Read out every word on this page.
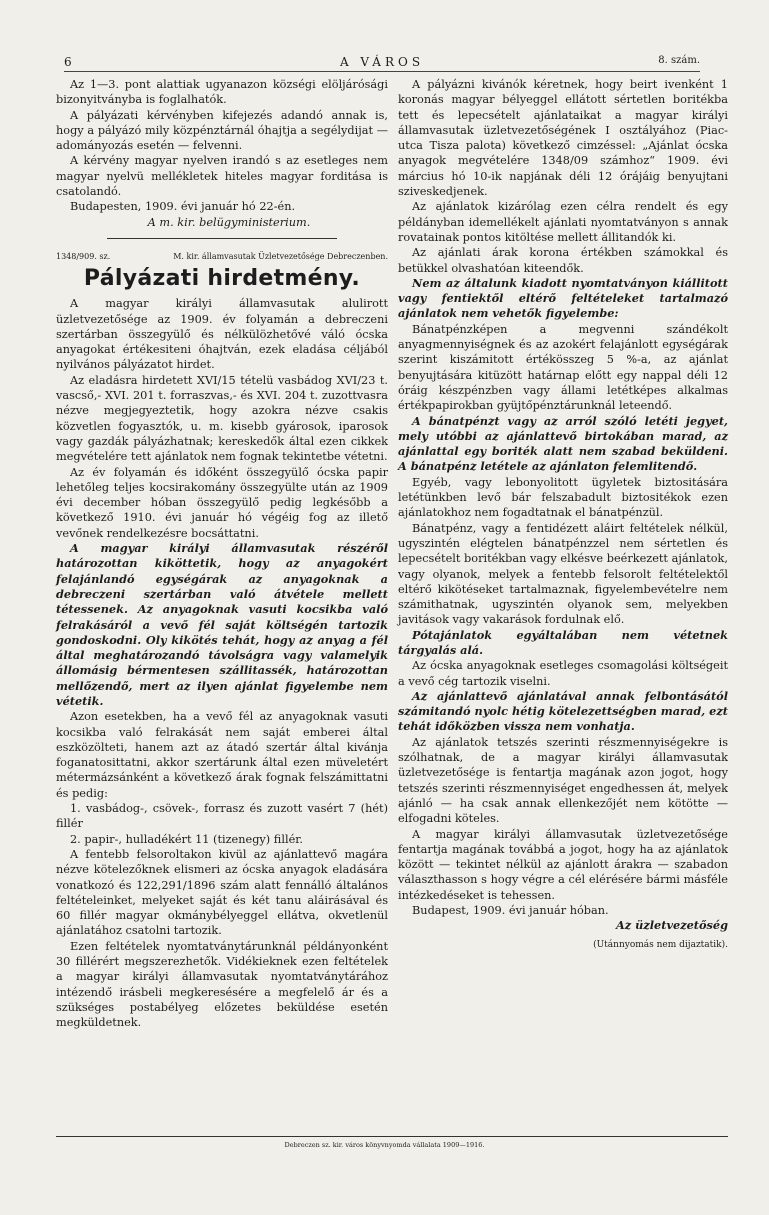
6	A VÁROS	8. szám.

Az 1—3. pont alattiak ugyanazon községi elöljárósági bizonyitványba is foglalhatók.

A pályázati kérvényben kifejezés adandó annak is, hogy a pályázó mily közpénztárnál óhajtja a segélydijat — adományozás esetén — felvenni.

A kérvény magyar nyelven irandó s az esetleges nem magyar nyelvü mellékletek hiteles magyar forditása is csatolandó.

Budapesten, 1909. évi január hó 22-én.

A m. kir. belügyministerium.

1348/909. sz.	M. kir. államvasutak Üzletvezetősége Debreczenben.
Pályázati hirdetmény.

A magyar királyi államvasutak alulirott üzletvezetősége az 1909. év folyamán a debreczeni szertárban összegyülő és nélkülözhetővé váló ócska anyagokat értékesiteni óhajtván, ezek eladása céljából nyilvános pályázatot hirdet.

Az eladásra hirdetett XVI/15 tételü vasbádog XVI/23 t. vascső,- XVI. 201 t. forraszvas,- és XVI. 204 t. zuzottvasra nézve megjegyeztetik, hogy azokra nézve csakis közvetlen fogyasztók, u. m. kisebb gyárosok, iparosok vagy gazdák pályázhatnak; kereskedők által ezen cikkek megvételére tett ajánlatok nem fognak tekintetbe vétetni.

Az év folyamán és időként összegyülő ócska papir lehetőleg teljes kocsirakomány összegyülte után az 1909 évi december hóban összegyülő pedig legkésőbb a következő 1910. évi január hó végéig fog az illető vevőnek rendelkezésre bocsáttatni.

A magyar királyi államvasutak részéről határozottan kiköttetik, hogy az anyagokért felajánlandó egységárak az anyagoknak a debreczeni szertárban való átvétele mellett tétessenek. Az anyagoknak vasuti kocsikba való felrakásáról a vevő fél saját költségén tartozik gondoskodni. Oly kikötés tehát, hogy az anyag a fél által meghatározandó távolságra vagy valamelyik állomásig bérmentesen szállitassék, határozottan mellőzendő, mert az ilyen ajánlat figyelembe nem vétetik.

Azon esetekben, ha a vevő fél az anyagoknak vasuti kocsikba való felrakását nem saját emberei által eszközölteti, hanem azt az átadó szertár által kivánja foganatosittatni, akkor szertárunk által ezen müveletért métermázsánként a következő árak fognak felszámittatni és pedig:

1. vasbádog-, csövek-, forrasz és zuzott vasért 7 (hét) fillér

2. papir-, hulladékért 11 (tizenegy) fillér.

A fentebb felsoroltakon kivül az ajánlattevő magára nézve kötelezőknek elismeri az ócska anyagok eladására vonatkozó és 122,291/1896 szám alatt fennálló általános feltételeinket, melyeket saját és két tanu aláirásával és 60 fillér magyar okmánybélyeggel ellátva, okvetlenül ajánlatához csatolni tartozik.

Ezen feltételek nyomtatványtárunknál példányonként 30 fillérért megszerezhetők. Vidékieknek ezen feltételek a magyar királyi államvasutak nyomtatványtárához intézendő irásbeli megkeresésére a megfelelő ár és a szükséges postabélyeg előzetes beküldése esetén megküldetnek.

A pályázni kivánók kéretnek, hogy beirt ivenként 1 koronás magyar bélyeggel ellátott sértetlen boritékba tett és lepecsételt ajánlataikat a magyar királyi államvasutak üzletvezetőségének I osztályához (Piac-utca Tisza palota) következő cimzéssel: „Ajánlat ócska anyagok megvételére 1348/09 számhoz“ 1909. évi március hó 10-ik napjának déli 12 órájáig benyujtani sziveskedjenek.

Az ajánlatok kizárólag ezen célra rendelt és egy példányban idemellékelt ajánlati nyomtatványon s annak rovatainak pontos kitöltése mellett állitandók ki.

Az ajánlati árak korona értékben számokkal és betükkel olvashatóan kiteendők.

Nem az általunk kiadott nyomtatványon kiállitott vagy fentiektől eltérő feltételeket tartalmazó ajánlatok nem vehetők figyelembe:

Bánatpénzképen a megvenni szándékolt anyagmennyiségnek és az azokért felajánlott egységárak szerint kiszámitott értékösszeg 5 %-a, az ajánlat benyujtására kitüzött határnap előtt egy nappal déli 12 óráig készpénzben vagy állami letétképes alkalmas értékpapirokban gyüjtőpénztárunknál leteendő.

A bánatpénzt vagy az arról szóló letéti jegyet, mely utóbbi az ajánlattevő birtokában marad, az ajánlattal egy boriték alatt nem szabad beküldeni. A bánatpénz letétele az ajánlaton felemlitendő.

Egyéb, vagy lebonyolitott ügyletek biztositására letétünkben levő bár felszabadult biztositékok ezen ajánlatokhoz nem fogadtatnak el bánatpénzül.

Bánatpénz, vagy a fentidézett aláirt feltételek nélkül, ugyszintén elégtelen bánatpénzzel nem sértetlen és lepecsételt boritékban vagy elkésve beérkezett ajánlatok, vagy olyanok, melyek a fentebb felsorolt feltételektől eltérő kikötéseket tartalmaznak, figyelembevételre nem számithatnak, ugyszintén olyanok sem, melyekben javitások vagy vakarások fordulnak elő.

Pótajánlatok egyáltalában nem vétetnek tárgyalás alá.

Az ócska anyagoknak esetleges csomagolási költségeit a vevő cég tartozik viselni.

Az ajánlattevő ajánlatával annak felbontásától számitandó nyolc hétig kötelezettségben marad, ezt tehát időközben vissza nem vonhatja.

Az ajánlatok tetszés szerinti részmennyiségekre is szólhatnak, de a magyar királyi államvasutak üzletvezetősége is fentartja magának azon jogot, hogy tetszés szerinti részmennyiséget engedhessen át, melyek ajánló — ha csak annak ellenkezőjét nem kötötte — elfogadni köteles.

A magyar királyi államvasutak üzletvezetősége fentartja magának továbbá a jogot, hogy ha az ajánlatok között — tekintet nélkül az ajánlott árakra — szabadon választhasson s hogy végre a cél elérésére bármi másféle intézkedéseket is tehessen.

Budapest, 1909. évi január hóban.

Az üzletvezetőség

(Utánnyomás nem dijaztatik).
Debreczen sz. kir. város könyvnyomda vállalata 1909—1916.
